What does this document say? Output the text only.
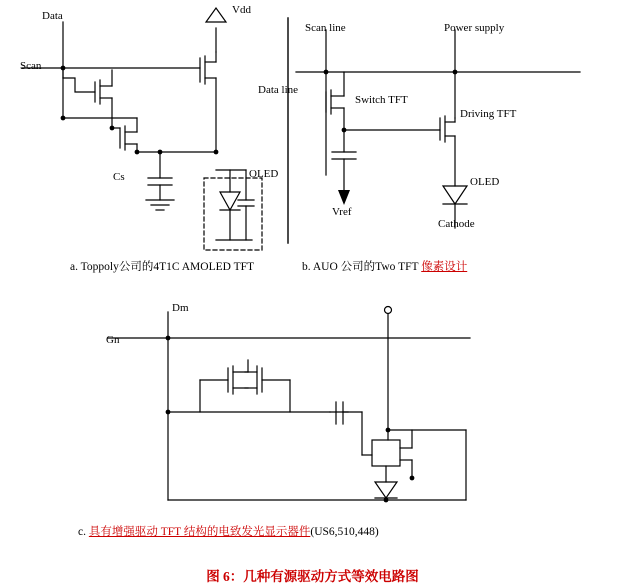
Data	Vdd
Scan
Cs	OLED
a. Toppoly公司的4T1C AMOLED TFT
Scan line	Power supply
Data line
Switch TFT
Driving TFT
Vref
OLED
Cathode
b. AUO 公司的Two TFT 像素设计
Dm
Gn
c. 具有增强驱动 TFT 结构的电致发光显示器件(US6,510,448)
图 6：几种有源驱动方式等效电路图
